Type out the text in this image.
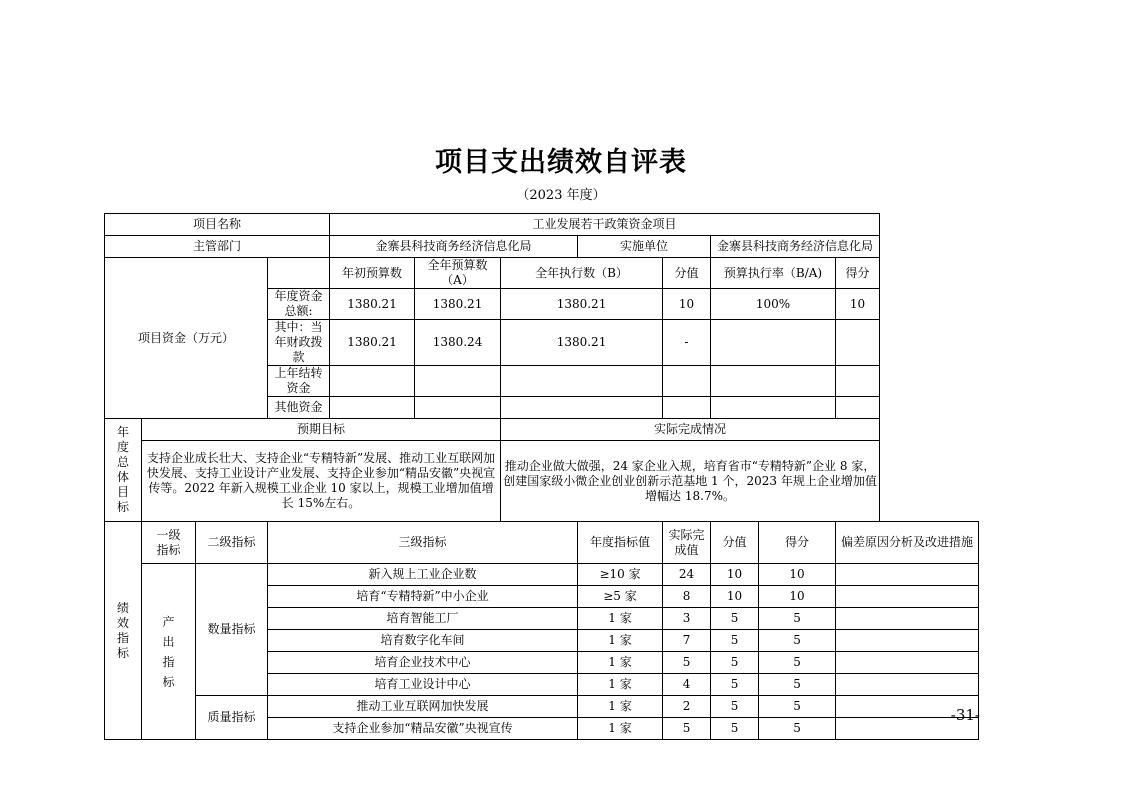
项目支出绩效自评表
（2023 年度）
项目名称				工业发展若干政策资金项目							
主管部门				金寨县科技商务经济信息化局			实施单位		金寨县科技商务经济信息化局		
项目资金（万元）				年初预算数	全年预算数（A）	全年执行数（B）		分值	预算执行率（B/A)		得分
			年度资金总额:	1380.21	1380.21	1380.21		10	100%		10
			其中：当年财政拨款	1380.21	1380.24	1380.21		-			
			上年结转资金								
			其他资金								

年度总体目标	预期目标					实际完成情况					
	支持企业成长壮大、支持企业“专精特新”发展、推动工业互联网加快发展、支持工业设计产业发展、支持企业参加“精品安徽”央视宣传等。2022 年新入规模工业企业 10 家以上，规模工业增加值增长 15%左右。					推动企业做大做强，24 家企业入规，培育省市“专精特新”企业 8 家，创建国家级小微企业创业创新示范基地 1 个，2023 年规上企业增加值增幅达 18.7%。					

绩效指标	一级指标	二级指标	三级指标				年度指标值	实际完成值	分值	得分	偏差原因分析及改进措施

	产出指标	数量指标	新入规上工业企业数				≥10 家	24	10	10	
			培育“专精特新”中小企业				≥5 家	8	10	10	
			培育智能工厂				1 家	3	5	5	
			培育数字化车间				1 家	7	5	5	
			培育企业技术中心				1 家	5	5	5	
			培育工业设计中心				1 家	4	5	5	
		质量指标	推动工业互联网加快发展				1 家	2	5	5	
			支持企业参加“精品安徽”央视宣传				1 家	5	5	5	
-31-
